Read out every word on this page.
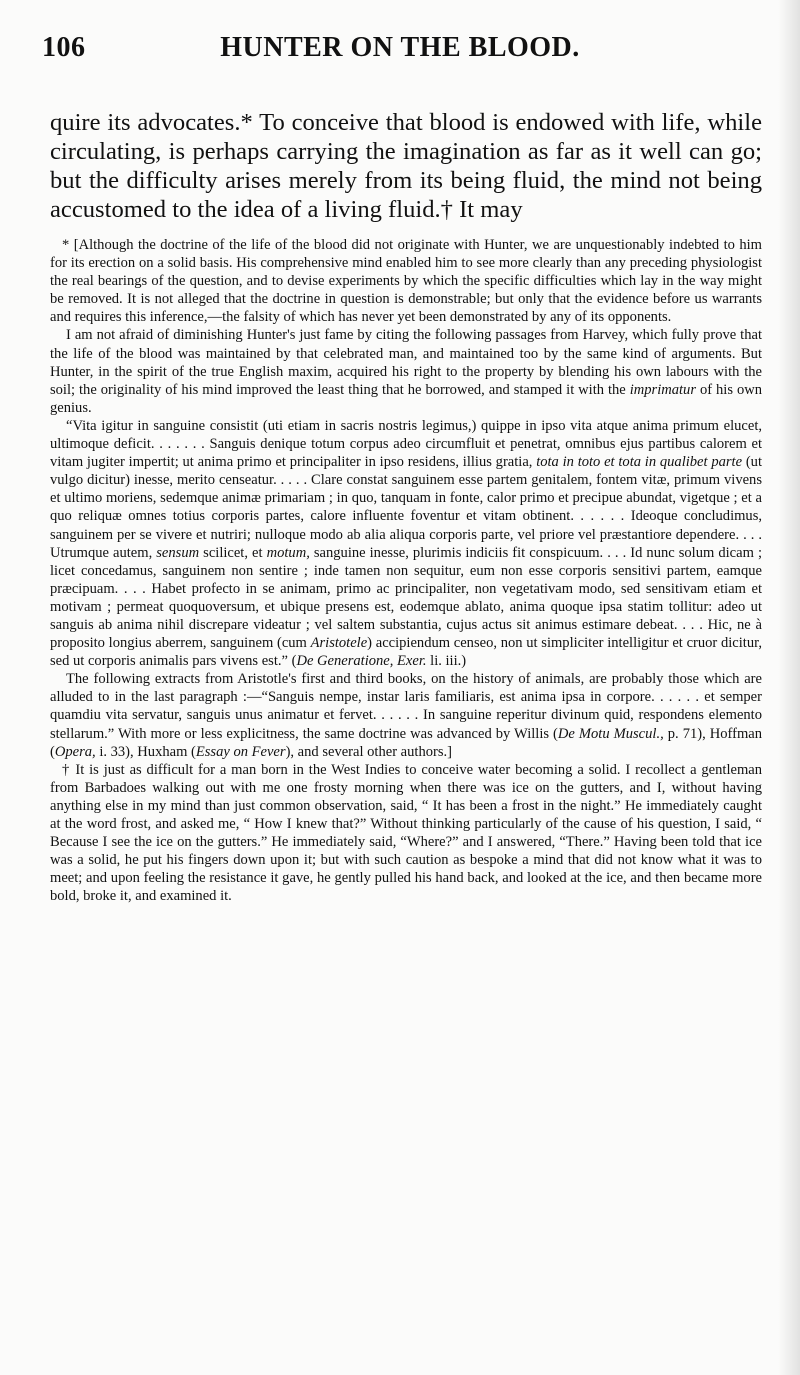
106	HUNTER ON THE BLOOD.

quire its advocates.* To conceive that blood is endowed with life, while circulating, is perhaps carrying the imagination as far as it well can go; but the difficulty arises merely from its being fluid, the mind not being accustomed to the idea of a living fluid.† It may

* [Although the doctrine of the life of the blood did not originate with Hunter, we are unquestionably indebted to him for its erection on a solid basis. His comprehensive mind enabled him to see more clearly than any preceding physiologist the real bearings of the question, and to devise experiments by which the specific difficulties which lay in the way might be removed. It is not alleged that the doctrine in question is demonstrable; but only that the evidence before us warrants and requires this inference,—the falsity of which has never yet been demonstrated by any of its opponents.

I am not afraid of diminishing Hunter's just fame by citing the following passages from Harvey, which fully prove that the life of the blood was maintained by that celebrated man, and maintained too by the same kind of arguments. But Hunter, in the spirit of the true English maxim, acquired his right to the property by blending his own labours with the soil; the originality of his mind improved the least thing that he borrowed, and stamped it with the imprimatur of his own genius.

“Vita igitur in sanguine consistit (uti etiam in sacris nostris legimus,) quippe in ipso vita atque anima primum elucet, ultimoque deficit. . . . . . . Sanguis denique totum corpus adeo circumfluit et penetrat, omnibus ejus partibus calorem et vitam jugiter impertit; ut anima primo et principaliter in ipso residens, illius gratia, tota in toto et tota in qualibet parte (ut vulgo dicitur) inesse, merito censeatur. . . . . Clare constat sanguinem esse partem genitalem, fontem vitæ, primum vivens et ultimo moriens, sedemque animæ primariam ; in quo, tanquam in fonte, calor primo et precipue abundat, vigetque ; et a quo reliquæ omnes totius corporis partes, calore influente foventur et vitam obtinent. . . . . . Ideoque concludimus, sanguinem per se vivere et nutriri; nulloque modo ab alia aliqua corporis parte, vel priore vel præstantiore dependere. . . . Utrumque autem, sensum scilicet, et motum, sanguine inesse, plurimis indiciis fit conspicuum. . . . Id nunc solum dicam ; licet concedamus, sanguinem non sentire ; inde tamen non sequitur, eum non esse corporis sensitivi partem, eamque præcipuam. . . . Habet profecto in se animam, primo ac principaliter, non vegetativam modo, sed sensitivam etiam et motivam ; permeat quoquoversum, et ubique presens est, eodemque ablato, anima quoque ipsa statim tollitur: adeo ut sanguis ab anima nihil discrepare videatur ; vel saltem substantia, cujus actus sit animus estimare debeat. . . . Hic, ne à proposito longius aberrem, sanguinem (cum Aristotele) accipiendum censeo, non ut simpliciter intelligitur et cruor dicitur, sed ut corporis animalis pars vivens est.” (De Generatione, Exer. li. iii.)

The following extracts from Aristotle's first and third books, on the history of animals, are probably those which are alluded to in the last paragraph :—“Sanguis nempe, instar laris familiaris, est anima ipsa in corpore. . . . . . et semper quamdiu vita servatur, sanguis unus animatur et fervet. . . . . . In sanguine reperitur divinum quid, respondens elemento stellarum.” With more or less explicitness, the same doctrine was advanced by Willis (De Motu Muscul., p. 71), Hoffman (Opera, i. 33), Huxham (Essay on Fever), and several other authors.]

† It is just as difficult for a man born in the West Indies to conceive water becoming a solid. I recollect a gentleman from Barbadoes walking out with me one frosty morning when there was ice on the gutters, and I, without having anything else in my mind than just common observation, said, “ It has been a frost in the night.” He immediately caught at the word frost, and asked me, “ How I knew that?” Without thinking particularly of the cause of his question, I said, “ Because I see the ice on the gutters.” He immediately said, “Where?” and I answered, “There.” Having been told that ice was a solid, he put his fingers down upon it; but with such caution as bespoke a mind that did not know what it was to meet; and upon feeling the resistance it gave, he gently pulled his hand back, and looked at the ice, and then became more bold, broke it, and examined it.
